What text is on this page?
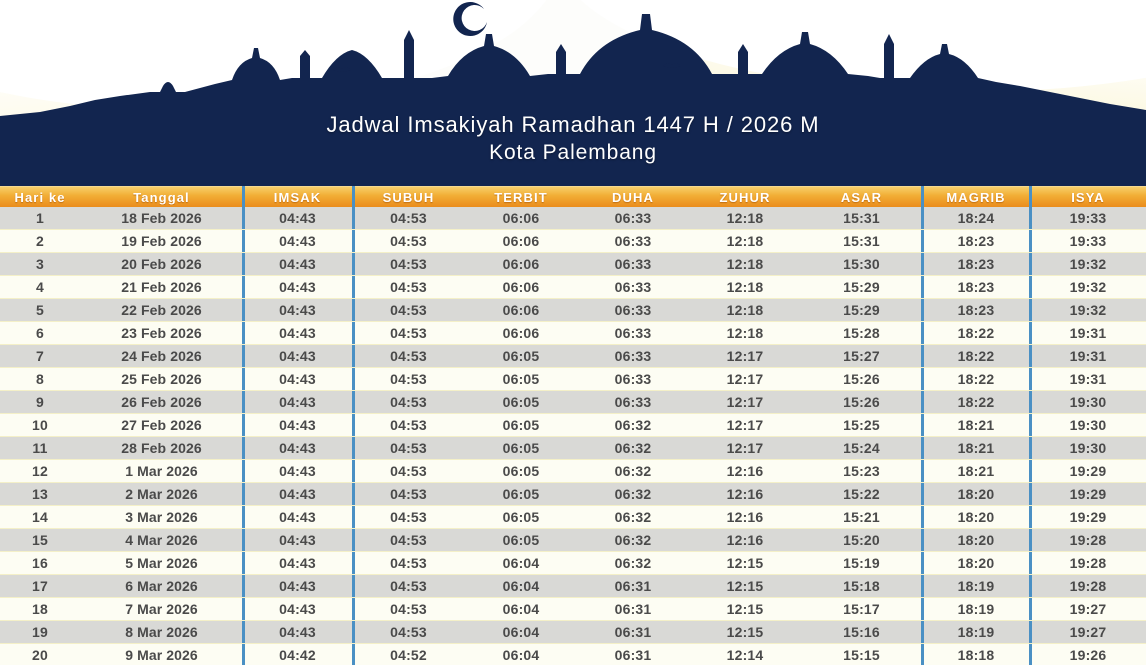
Jadwal Imsakiyah Ramadhan 1447 H / 2026 M
Kota Palembang
Hari ke	Tanggal	IMSAK	SUBUH	TERBIT	DUHA	ZUHUR	ASAR	MAGRIB	ISYA
1	18 Feb 2026	04:43	04:53	06:06	06:33	12:18	15:31	18:24	19:33
2	19 Feb 2026	04:43	04:53	06:06	06:33	12:18	15:31	18:23	19:33
3	20 Feb 2026	04:43	04:53	06:06	06:33	12:18	15:30	18:23	19:32
4	21 Feb 2026	04:43	04:53	06:06	06:33	12:18	15:29	18:23	19:32
5	22 Feb 2026	04:43	04:53	06:06	06:33	12:18	15:29	18:23	19:32
6	23 Feb 2026	04:43	04:53	06:06	06:33	12:18	15:28	18:22	19:31
7	24 Feb 2026	04:43	04:53	06:05	06:33	12:17	15:27	18:22	19:31
8	25 Feb 2026	04:43	04:53	06:05	06:33	12:17	15:26	18:22	19:31
9	26 Feb 2026	04:43	04:53	06:05	06:33	12:17	15:26	18:22	19:30
10	27 Feb 2026	04:43	04:53	06:05	06:32	12:17	15:25	18:21	19:30
11	28 Feb 2026	04:43	04:53	06:05	06:32	12:17	15:24	18:21	19:30
12	1 Mar 2026	04:43	04:53	06:05	06:32	12:16	15:23	18:21	19:29
13	2 Mar 2026	04:43	04:53	06:05	06:32	12:16	15:22	18:20	19:29
14	3 Mar 2026	04:43	04:53	06:05	06:32	12:16	15:21	18:20	19:29
15	4 Mar 2026	04:43	04:53	06:05	06:32	12:16	15:20	18:20	19:28
16	5 Mar 2026	04:43	04:53	06:04	06:32	12:15	15:19	18:20	19:28
17	6 Mar 2026	04:43	04:53	06:04	06:31	12:15	15:18	18:19	19:28
18	7 Mar 2026	04:43	04:53	06:04	06:31	12:15	15:17	18:19	19:27
19	8 Mar 2026	04:43	04:53	06:04	06:31	12:15	15:16	18:19	19:27
20	9 Mar 2026	04:42	04:52	06:04	06:31	12:14	15:15	18:18	19:26
